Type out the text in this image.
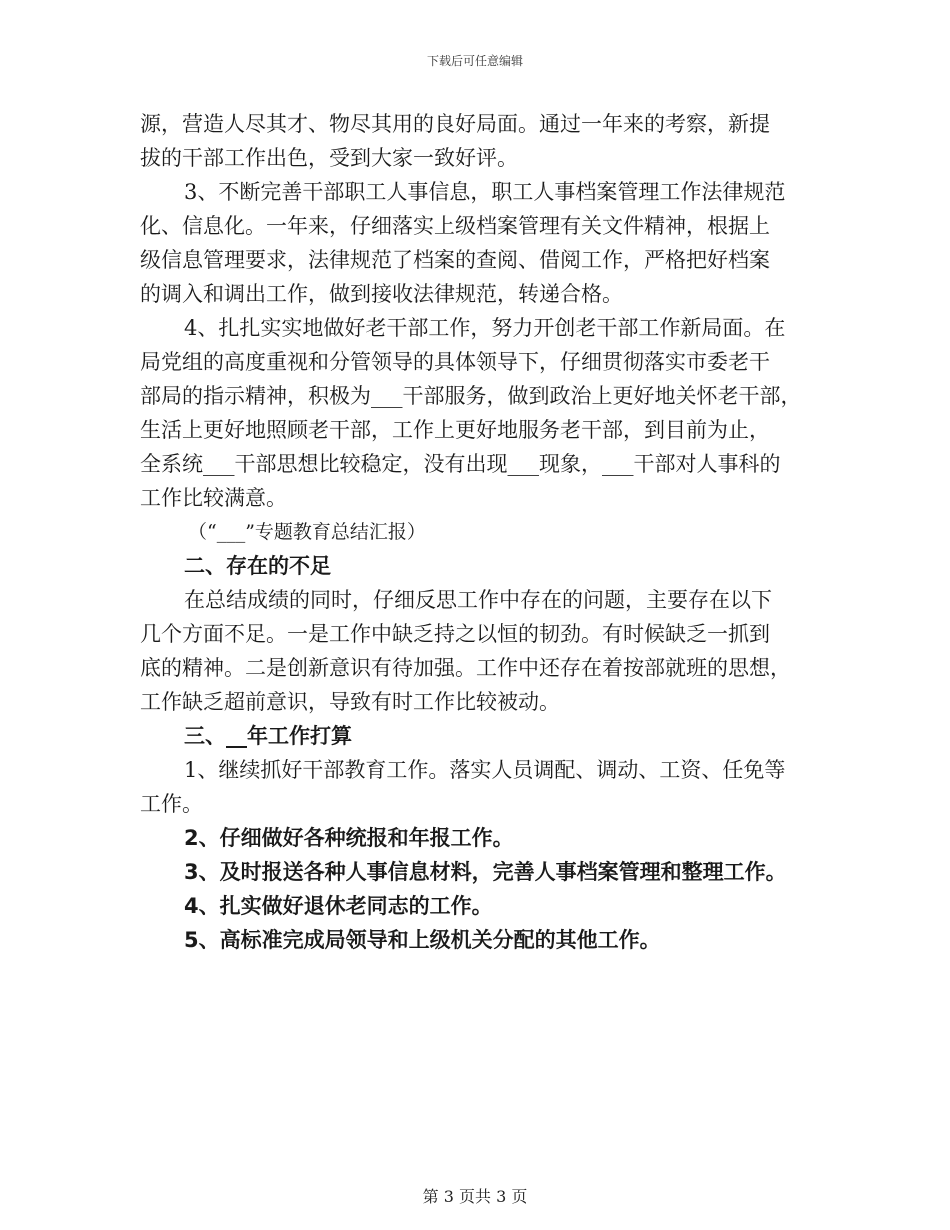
下载后可任意编辑
源，营造人尽其才、物尽其用的良好局面。通过一年来的考察，新提
拔的干部工作出色，受到大家一致好评。
3、不断完善干部职工人事信息，职工人事档案管理工作法律规范
化、信息化。一年来，仔细落实上级档案管理有关文件精神，根据上
级信息管理要求，法律规范了档案的查阅、借阅工作，严格把好档案
的调入和调出工作，做到接收法律规范，转递合格。
4、扎扎实实地做好老干部工作，努力开创老干部工作新局面。在
局党组的高度重视和分管领导的具体领导下，仔细贯彻落实市委老干
部局的指示精神，积极为___干部服务，做到政治上更好地关怀老干部，
生活上更好地照顾老干部，工作上更好地服务老干部，到目前为止，
全系统___干部思想比较稳定，没有出现___现象，___干部对人事科的
工作比较满意。
（“___”专题教育总结汇报）
二、存在的不足
在总结成绩的同时，仔细反思工作中存在的问题，主要存在以下
几个方面不足。一是工作中缺乏持之以恒的韧劲。有时候缺乏一抓到
底的精神。二是创新意识有待加强。工作中还存在着按部就班的思想，
工作缺乏超前意识，导致有时工作比较被动。
三、__年工作打算
1、继续抓好干部教育工作。落实人员调配、调动、工资、任免等
工作。
2、仔细做好各种统报和年报工作。
3、及时报送各种人事信息材料，完善人事档案管理和整理工作。
4、扎实做好退休老同志的工作。
5、高标准完成局领导和上级机关分配的其他工作。
第 3 页共 3 页
